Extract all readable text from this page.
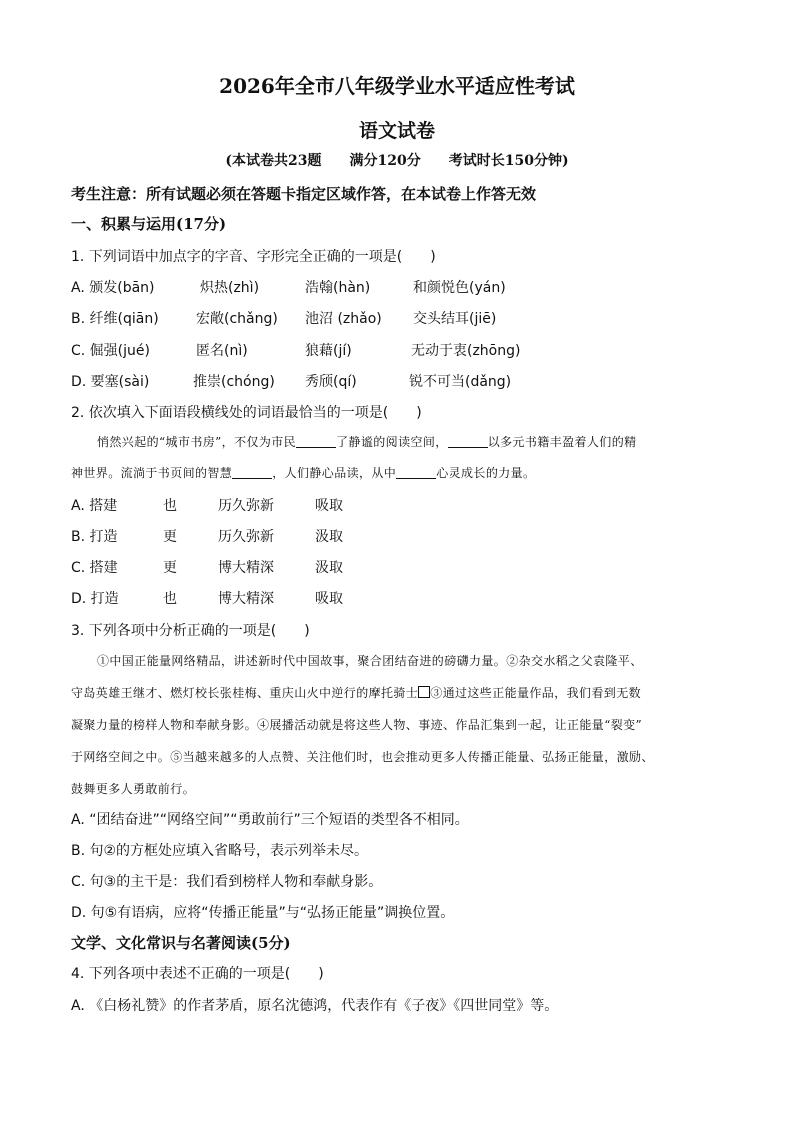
2026年全市八年级学业水平适应性考试
语文试卷
(本试卷共23题　　满分120分　　考试时长150分钟)
考生注意：所有试题必须在答题卡指定区域作答，在本试卷上作答无效
一、积累与运用(17分)
1. 下列词语中加点字的字音、字形完全正确的一项是(　　)
A. 颁发(bān)	炽热(zhì)	浩翰(hàn)	和颜悦色(yán)
B. 纤维(qiān)	宏敞(chǎng) 池沼 (zhǎo) 交头结耳(jiē)
C. 倔强(jué)	匿名(nì)	狼藉(jí)	无动于衷(zhōng)
D. 要塞(sài)	推崇(chóng) 秀颀(qí)	锐不可当(dǎng)
2. 依次填入下面语段横线处的词语最恰当的一项是(　　)
悄然兴起的“城市书房”，不仅为市民	了静谧的阅读空间，	以多元书籍丰盈着人们的精
神世界。流淌于书页间的智慧	，人们静心品读，从中	心灵成长的力量。
A. 搭建	也	历久弥新	吸取
B. 打造	更	历久弥新	汲取
C. 搭建	更	博大精深	汲取
D. 打造	也	博大精深	吸取
3. 下列各项中分析正确的一项是(　　)
①中国正能量网络精品，讲述新时代中国故事，聚合团结奋进的磅礴力量。②杂交水稻之父袁隆平、
守岛英雄王继才、燃灯校长张桂梅、重庆山火中逆行的摩托骑士 ③通过这些正能量作品，我们看到无数
凝聚力量的榜样人物和奉献身影。④展播活动就是将这些人物、事迹、作品汇集到一起，让正能量“裂变”
于网络空间之中。⑤当越来越多的人点赞、关注他们时，也会推动更多人传播正能量、弘扬正能量，激励、
鼓舞更多人勇敢前行。
A. “团结奋进”“网络空间”“勇敢前行”三个短语的类型各不相同。
B. 句②的方框处应填入省略号，表示列举未尽。
C. 句③的主干是：我们看到榜样人物和奉献身影。
D. 句⑤有语病，应将“传播正能量”与“弘扬正能量”调换位置。
文学、文化常识与名著阅读(5分)
4. 下列各项中表述不正确的一项是(　　)
A. 《白杨礼赞》的作者茅盾，原名沈德鸿，代表作有《子夜》《四世同堂》等。
